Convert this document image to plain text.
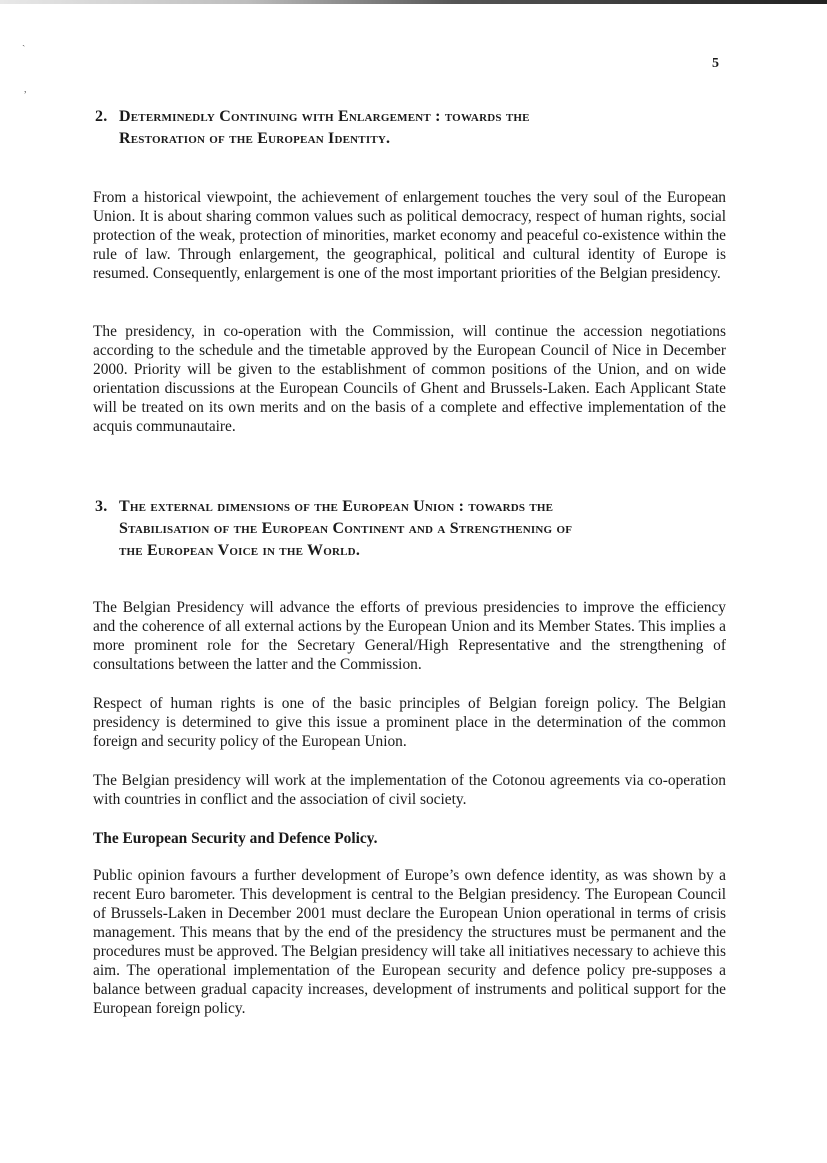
ˎ
,
5
2. Determinedly Continuing with Enlargement : towards the
Restoration of the European Identity.

From a historical viewpoint, the achievement of enlargement touches the very soul of the European Union. It is about sharing common values such as political democracy, respect of human rights, social protection of the weak, protection of minorities, market economy and peaceful co-existence within the rule of law. Through enlargement, the geographical, political and cultural identity of Europe is resumed. Consequently, enlargement is one of the most important priorities of the Belgian presidency.

The presidency, in co-operation with the Commission, will continue the accession negotiations according to the schedule and the timetable approved by the European Council of Nice in December 2000. Priority will be given to the establishment of common positions of the Union, and on wide orientation discussions at the European Councils of Ghent and Brussels-Laken. Each Applicant State will be treated on its own merits and on the basis of a complete and effective implementation of the acquis communautaire.

3. The external dimensions of the European Union : towards the
Stabilisation of the European Continent and a Strengthening of
the European Voice in the World.

The Belgian Presidency will advance the efforts of previous presidencies to improve the efficiency and the coherence of all external actions by the European Union and its Member States. This implies a more prominent role for the Secretary General/High Representative and the strengthening of consultations between the latter and the Commission.

Respect of human rights is one of the basic principles of Belgian foreign policy. The Belgian presidency is determined to give this issue a prominent place in the determination of the common foreign and security policy of the European Union.

The Belgian presidency will work at the implementation of the Cotonou agreements via co-operation with countries in conflict and the association of civil society.

The European Security and Defence Policy.

Public opinion favours a further development of Europe’s own defence identity, as was shown by a recent Euro barometer. This development is central to the Belgian presidency. The European Council of Brussels-Laken in December 2001 must declare the European Union operational in terms of crisis management. This means that by the end of the presidency the structures must be permanent and the procedures must be approved. The Belgian presidency will take all initiatives necessary to achieve this aim. The operational implementation of the European security and defence policy pre-supposes a balance between gradual capacity increases, development of instruments and political support for the European foreign policy.
